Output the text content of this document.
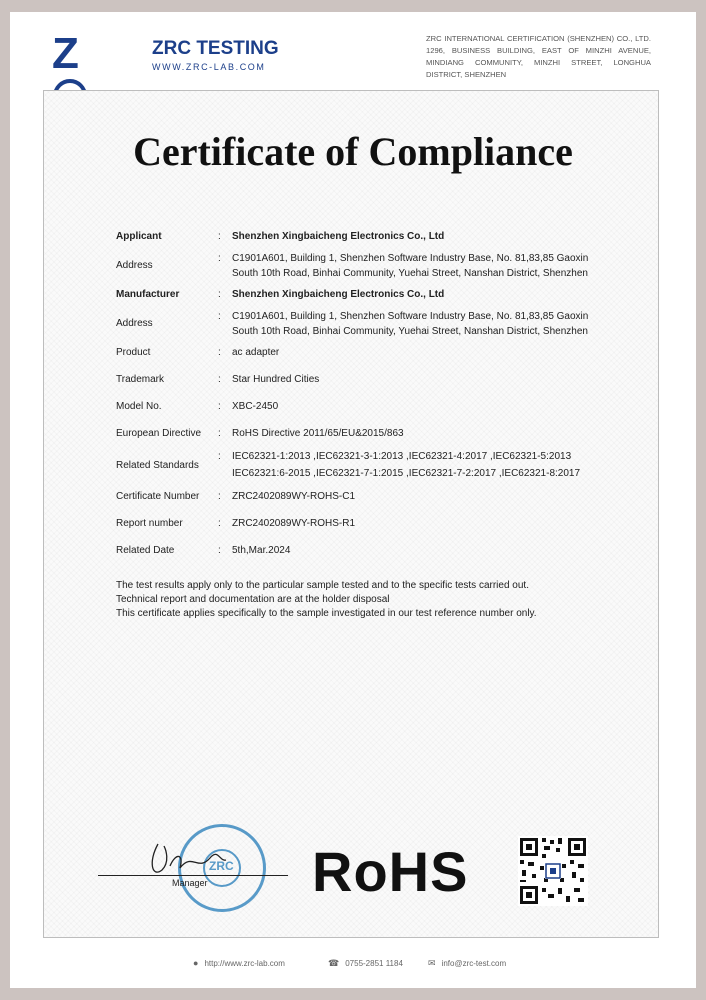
Z	ZRC TESTING
WWW.ZRC-LAB.COM
ZRC INTERNATIONAL CERTIFICATION (SHENZHEN) CO., LTD. 1296, BUSINESS BUILDING, EAST OF MINZHI AVENUE, MINDIANG COMMUNITY, MINZHI STREET, LONGHUA DISTRICT, SHENZHEN
Certificate of Compliance
Applicant	: Shenzhen Xingbaicheng Electronics Co., Ltd
Address
: C1901A601, Building 1, Shenzhen Software Industry Base, No. 81,83,85 Gaoxin
South 10th Road, Binhai Community, Yuehai Street, Nanshan District, Shenzhen
Manufacturer	: Shenzhen Xingbaicheng Electronics Co., Ltd
Address
: C1901A601, Building 1, Shenzhen Software Industry Base, No. 81,83,85 Gaoxin
South 10th Road, Binhai Community, Yuehai Street, Nanshan District, Shenzhen
Product	: ac adapter
Trademark	: Star Hundred Cities
Model No.	: XBC-2450
European Directive : RoHS Directive 2011/65/EU&2015/863
Related Standards
: IEC62321-1:2013 ,IEC62321-3-1:2013 ,IEC62321-4:2017 ,IEC62321-5:2013
IEC62321:6-2015 ,IEC62321-7-1:2015 ,IEC62321-7-2:2017 ,IEC62321-8:2017
Certificate Number : ZRC2402089WY-ROHS-C1
Report number	: ZRC2402089WY-ROHS-R1
Related Date	: 5th,Mar.2024
The test results apply only to the particular sample tested and to the specific tests carried out.
Technical report and documentation are at the holder disposal
This certificate applies specifically to the sample investigated in our test reference number only.
ZRC
Manager RoHS
● http://www.zrc-lab.com	☎ 0755-2851 1184	✉ info@zrc-test.com
